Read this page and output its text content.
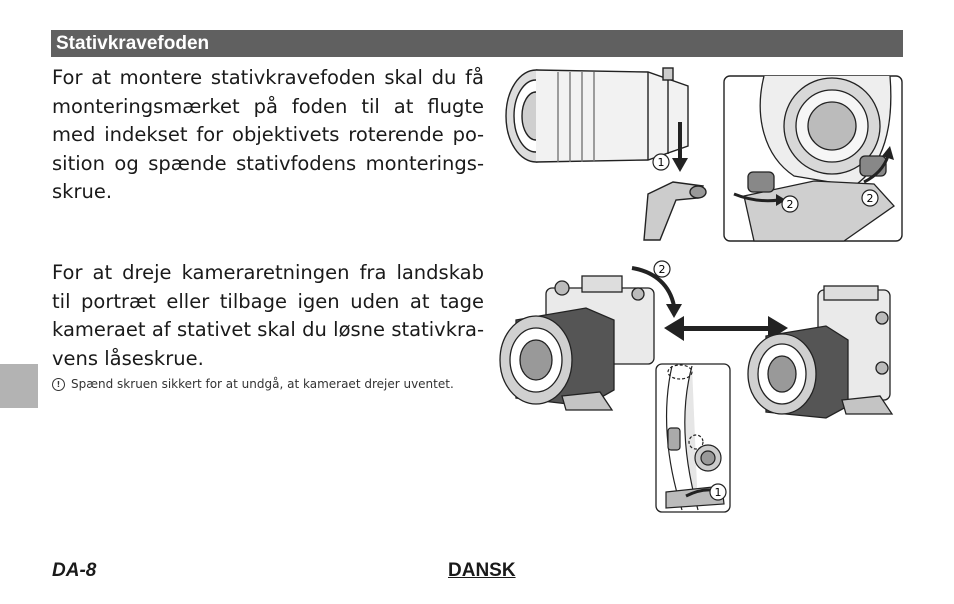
Stativkravefoden

For at montere stativkravefoden skal du få monteringsmærket på foden til at flugte med indekset for objektivets roterende position og spænde stativfodens monteringsskrue.

For at dreje kameraretningen fra landskab til portræt eller tilbage igen uden at tage kameraet af stativet skal du løsne stativkravens låseskrue.

! Spænd skruen sikkert for at undgå, at kameraet drejer uventet.
1
2	2
2
1
DA-8	DANSK
